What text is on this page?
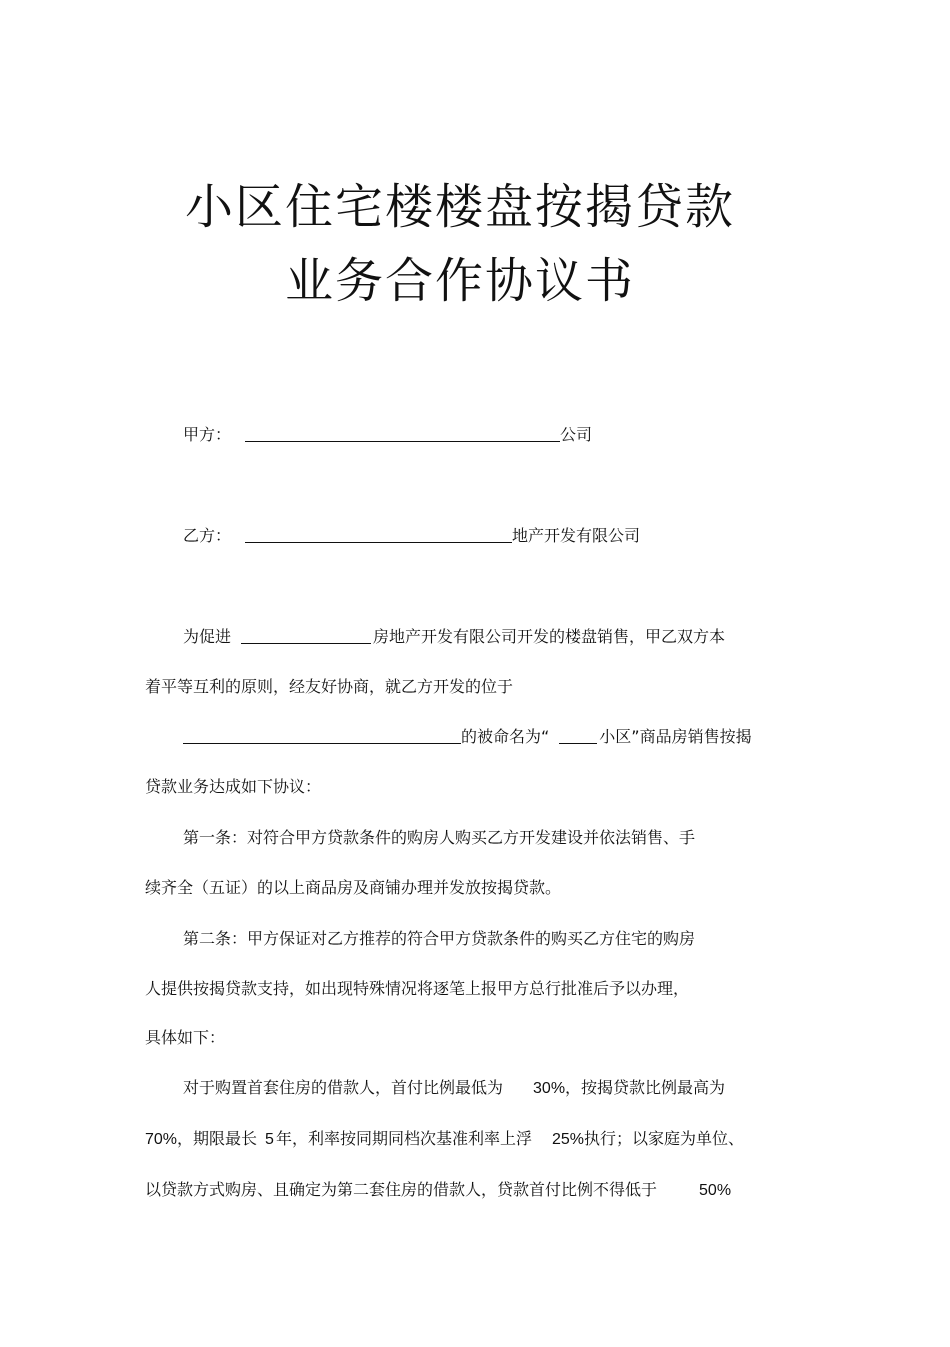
小区住宅楼楼盘按揭贷款
业务合作协议书
甲方：	公司
乙方：	地产开发有限公司
为促进	房地产开发有限公司开发的楼盘销售，甲乙双方本
着平等互利的原则，经友好协商，就乙方开发的位于
的被命名为“	小区”商品房销售按揭
贷款业务达成如下协议：
第一条：对符合甲方贷款条件的购房人购买乙方开发建设并依法销售、手
续齐全（五证）的以上商品房及商铺办理并发放按揭贷款。
第二条：甲方保证对乙方推荐的符合甲方贷款条件的购买乙方住宅的购房
人提供按揭贷款支持，如出现特殊情况将逐笔上报甲方总行批准后予以办理，
具体如下：
对于购置首套住房的借款人，首付比例最低为 30%，按揭贷款比例最高为
70%，期限最长 5 年，利率按同期同档次基准利率上浮 25%执行；以家庭为单位、
以贷款方式购房、且确定为第二套住房的借款人，贷款首付比例不得低于	50%
